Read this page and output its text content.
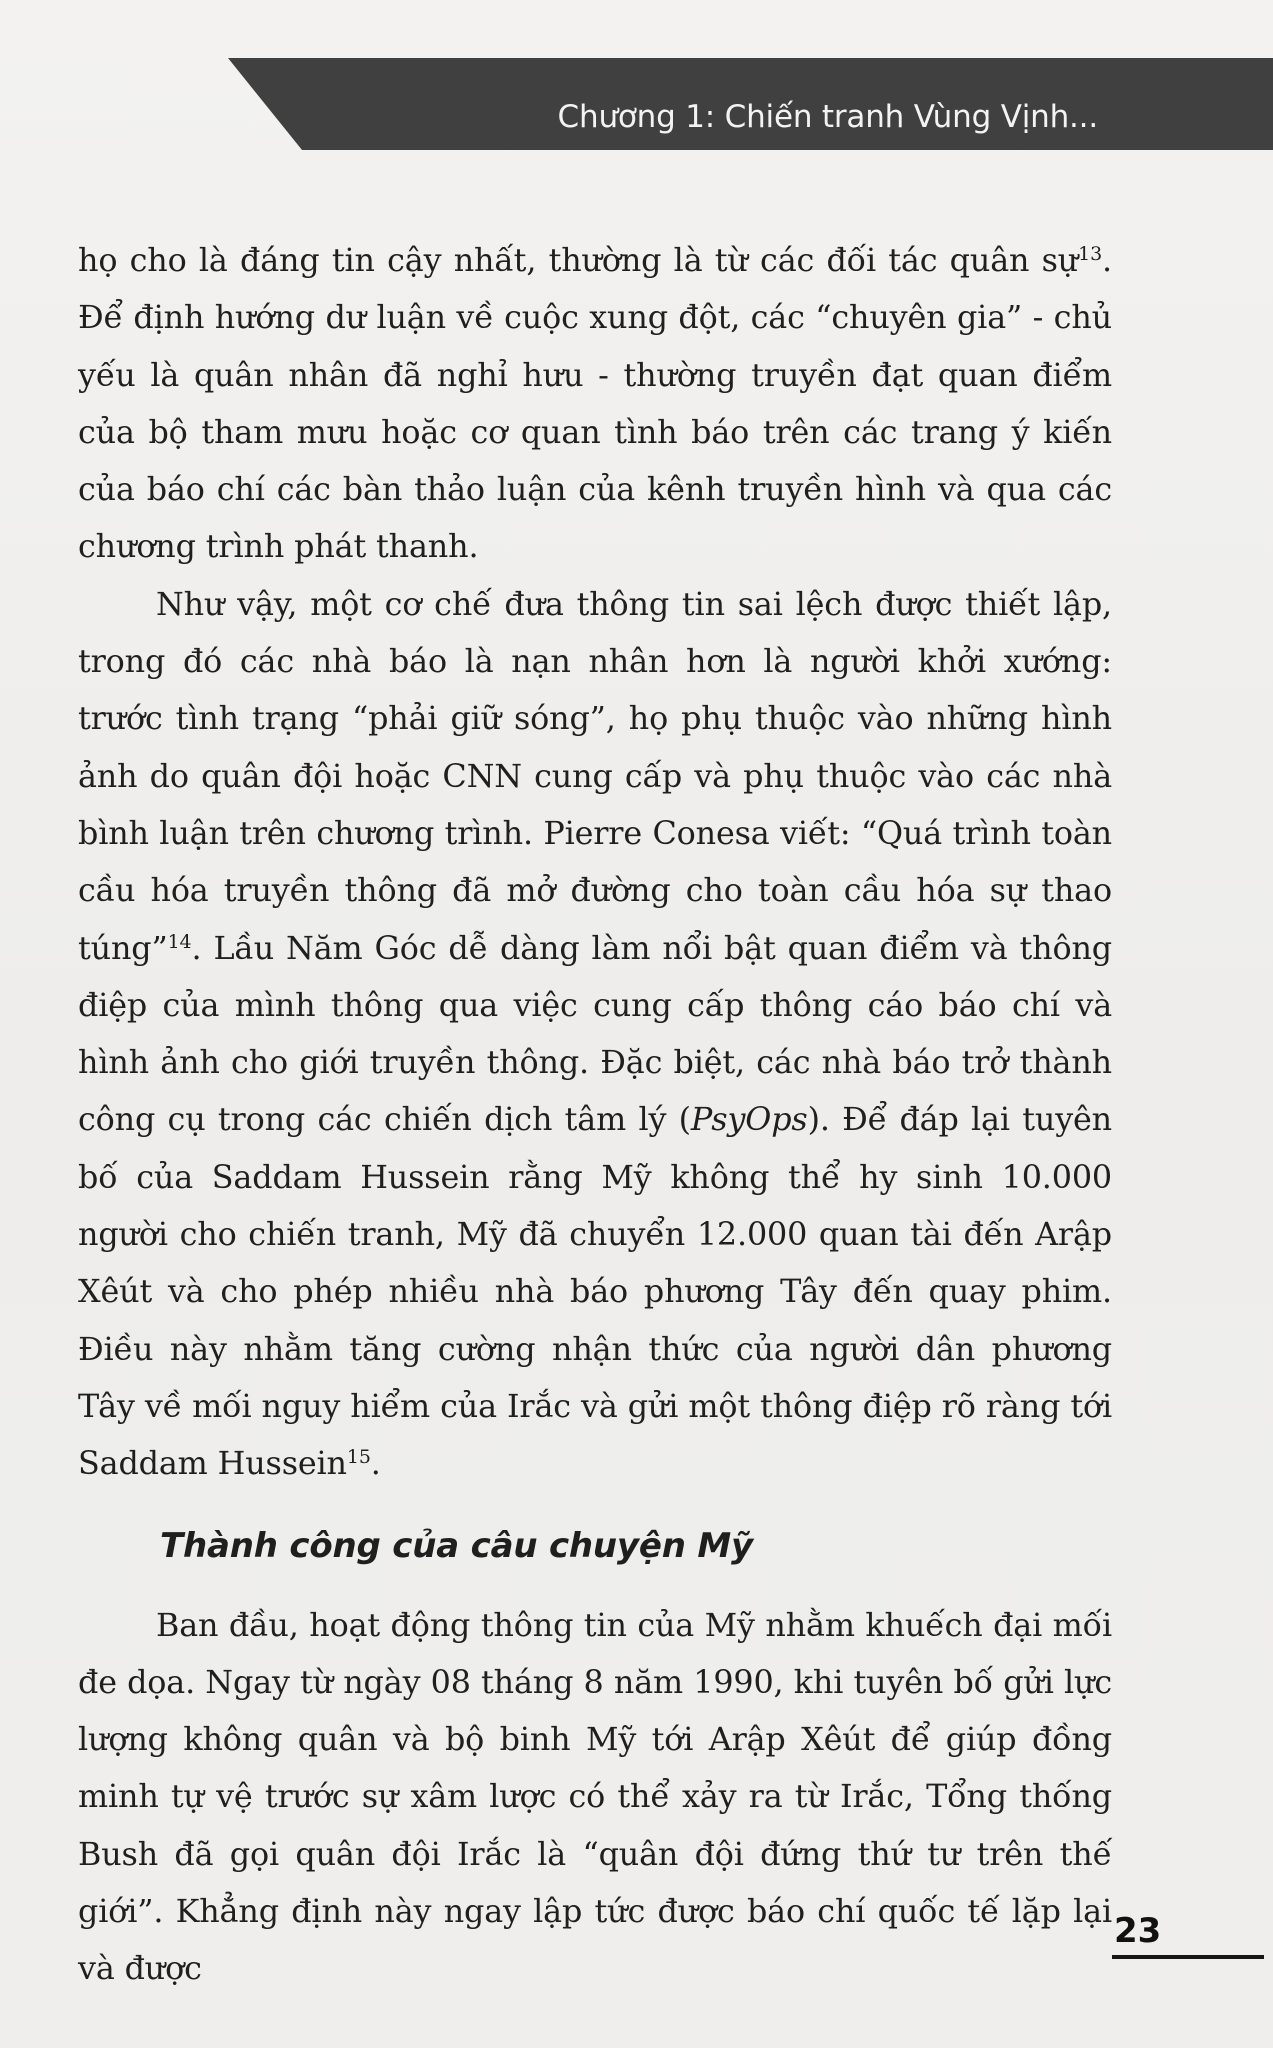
Chương 1: Chiến tranh Vùng Vịnh...

họ cho là đáng tin cậy nhất, thường là từ các đối tác quân sự$^{13}$. Để định hướng dư luận về cuộc xung đột, các “chuyên gia” - chủ yếu là quân nhân đã nghỉ hưu - thường truyền đạt quan điểm của bộ tham mưu hoặc cơ quan tình báo trên các trang ý kiến của báo chí các bàn thảo luận của kênh truyền hình và qua các chương trình phát thanh.

Như vậy, một cơ chế đưa thông tin sai lệch được thiết lập, trong đó các nhà báo là nạn nhân hơn là người khởi xướng: trước tình trạng “phải giữ sóng”, họ phụ thuộc vào những hình ảnh do quân đội hoặc CNN cung cấp và phụ thuộc vào các nhà bình luận trên chương trình. Pierre Conesa viết: “Quá trình toàn cầu hóa truyền thông đã mở đường cho toàn cầu hóa sự thao túng”$^{14}$. Lầu Năm Góc dễ dàng làm nổi bật quan điểm và thông điệp của mình thông qua việc cung cấp thông cáo báo chí và hình ảnh cho giới truyền thông. Đặc biệt, các nhà báo trở thành công cụ trong các chiến dịch tâm lý (PsyOps). Để đáp lại tuyên bố của Saddam Hussein rằng Mỹ không thể hy sinh 10.000 người cho chiến tranh, Mỹ đã chuyển 12.000 quan tài đến Arập Xêút và cho phép nhiều nhà báo phương Tây đến quay phim. Điều này nhằm tăng cường nhận thức của người dân phương Tây về mối nguy hiểm của Irắc và gửi một thông điệp rõ ràng tới Saddam Hussein$^{15}$.

Thành công của câu chuyện Mỹ

Ban đầu, hoạt động thông tin của Mỹ nhằm khuếch đại mối đe dọa. Ngay từ ngày 08 tháng 8 năm 1990, khi tuyên bố gửi lực lượng không quân và bộ binh Mỹ tới Arập Xêút để giúp đồng minh tự vệ trước sự xâm lược có thể xảy ra từ Irắc, Tổng thống Bush đã gọi quân đội Irắc là “quân đội đứng thứ tư trên thế giới”. Khẳng định này ngay lập tức được báo chí quốc tế lặp lại và được

23
